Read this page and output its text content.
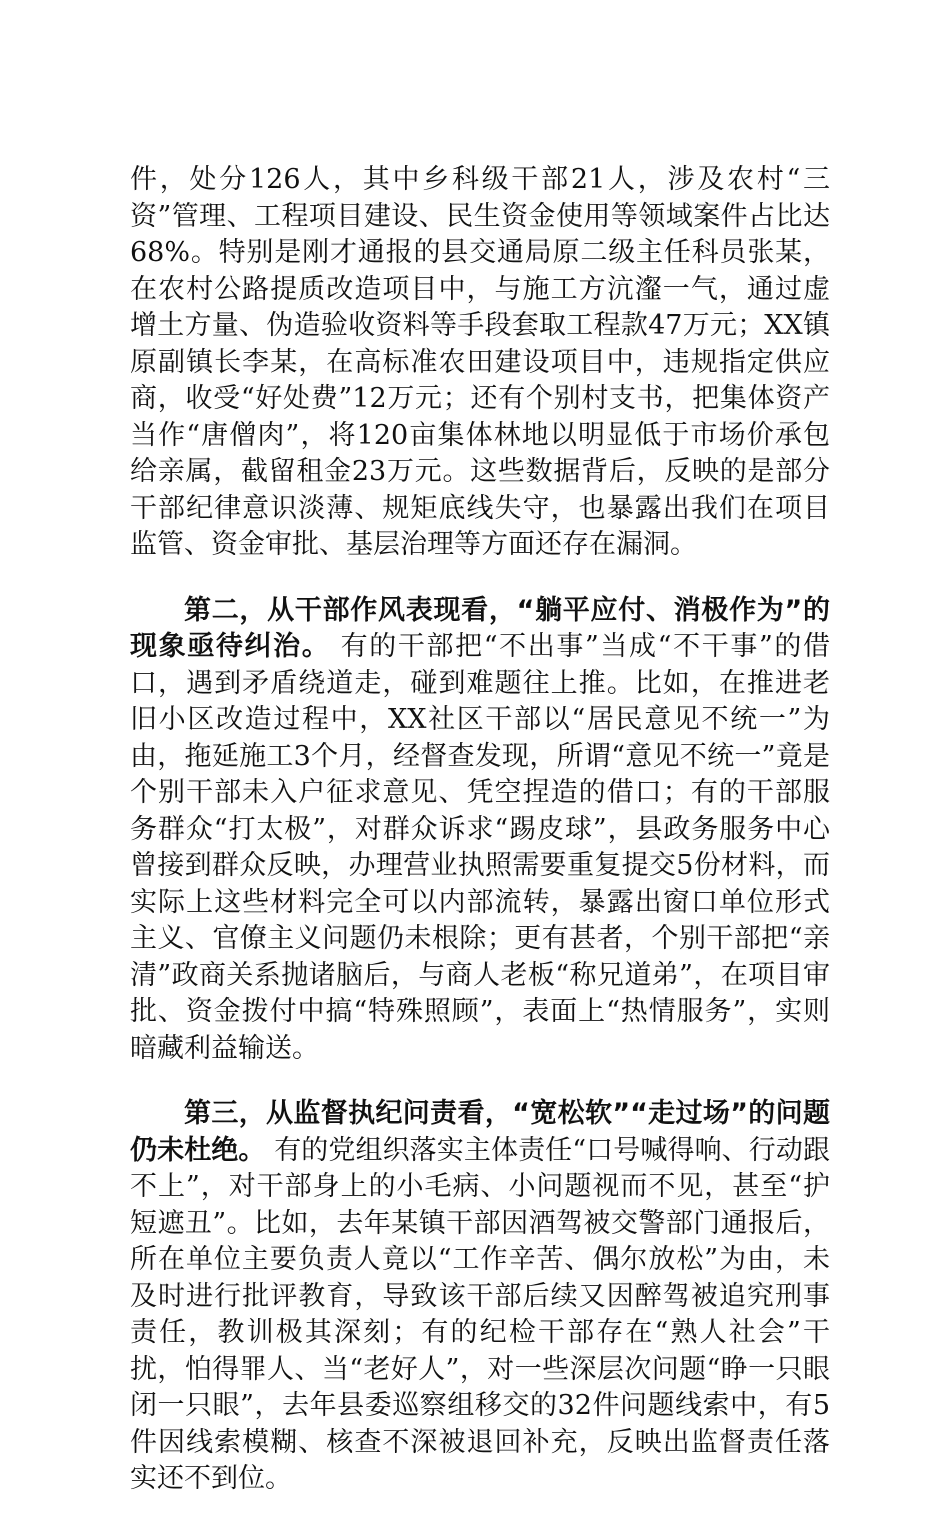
件，处分126人，其中乡科级干部21人，涉及农村“三资”管理、工程项目建设、民生资金使用等领域案件占比达68%。特别是刚才通报的县交通局原二级主任科员张某，在农村公路提质改造项目中，与施工方沆瀣一气，通过虚增土方量、伪造验收资料等手段套取工程款47万元；XX镇原副镇长李某，在高标准农田建设项目中，违规指定供应商，收受“好处费”12万元；还有个别村支书，把集体资产当作“唐僧肉”，将120亩集体林地以明显低于市场价承包给亲属，截留租金23万元。这些数据背后，反映的是部分干部纪律意识淡薄、规矩底线失守，也暴露出我们在项目监管、资金审批、基层治理等方面还存在漏洞。

第二，从干部作风表现看，“躺平应付、消极作为”的现象亟待纠治。 有的干部把“不出事”当成“不干事”的借口，遇到矛盾绕道走，碰到难题往上推。比如，在推进老旧小区改造过程中，XX社区干部以“居民意见不统一”为由，拖延施工3个月，经督查发现，所谓“意见不统一”竟是个别干部未入户征求意见、凭空捏造的借口；有的干部服务群众“打太极”，对群众诉求“踢皮球”，县政务服务中心曾接到群众反映，办理营业执照需要重复提交5份材料，而实际上这些材料完全可以内部流转，暴露出窗口单位形式主义、官僚主义问题仍未根除；更有甚者，个别干部把“亲清”政商关系抛诸脑后，与商人老板“称兄道弟”，在项目审批、资金拨付中搞“特殊照顾”，表面上“热情服务”，实则暗藏利益输送。

第三，从监督执纪问责看，“宽松软”“走过场”的问题仍未杜绝。 有的党组织落实主体责任“口号喊得响、行动跟不上”，对干部身上的小毛病、小问题视而不见，甚至“护短遮丑”。比如，去年某镇干部因酒驾被交警部门通报后，所在单位主要负责人竟以“工作辛苦、偶尔放松”为由，未及时进行批评教育，导致该干部后续又因醉驾被追究刑事责任，教训极其深刻；有的纪检干部存在“熟人社会”干扰，怕得罪人、当“老好人”，对一些深层次问题“睁一只眼闭一只眼”，去年县委巡察组移交的32件问题线索中，有5件因线索模糊、核查不深被退回补充，反映出监督责任落实还不到位。
